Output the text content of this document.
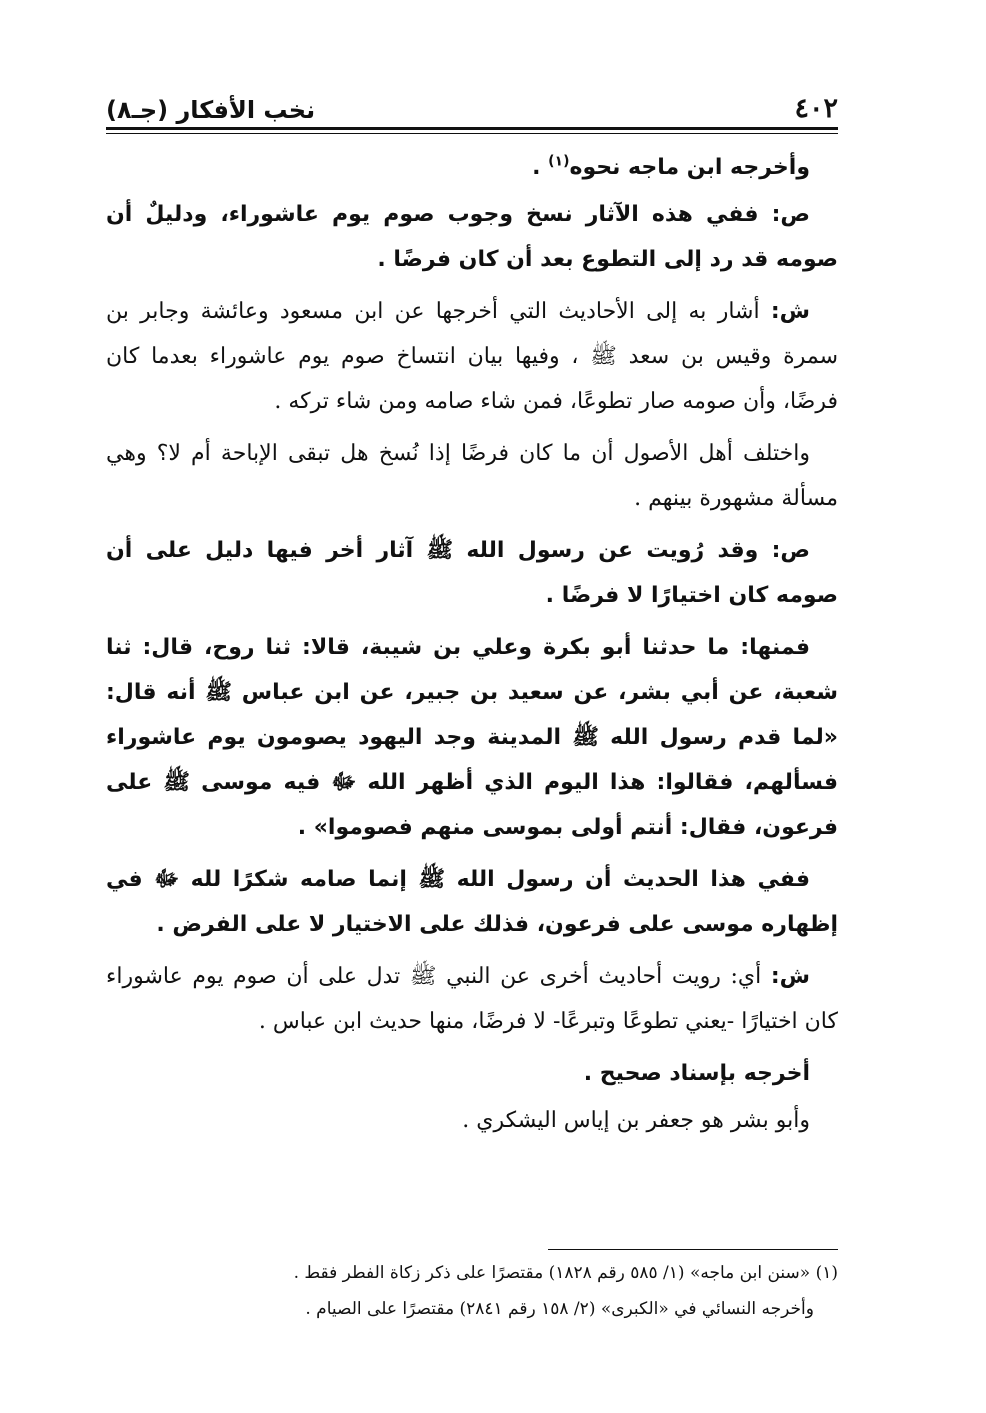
٤٠٢
نخب الأفكار (جـ٨)

وأخرجه ابن ماجه نحوه$^{(١)}$ .

ص: ففي هذه الآثار نسخ وجوب صوم يوم عاشوراء، ودليلٌ أن صومه قد رد إلى التطوع بعد أن كان فرضًا .

ش: أشار به إلى الأحاديث التي أخرجها عن ابن مسعود وعائشة وجابر بن سمرة وقيس بن سعد ﷺ ، وفيها بيان انتساخ صوم يوم عاشوراء بعدما كان فرضًا، وأن صومه صار تطوعًا، فمن شاء صامه ومن شاء تركه .

واختلف أهل الأصول أن ما كان فرضًا إذا نُسخ هل تبقى الإباحة أم لا؟ وهي مسألة مشهورة بينهم .

ص: وقد رُويت عن رسول الله ﷺ آثار أخر فيها دليل على أن صومه كان اختيارًا لا فرضًا .

فمنها: ما حدثنا أبو بكرة وعلي بن شيبة، قالا: ثنا روح، قال: ثنا شعبة، عن أبي بشر، عن سعيد بن جبير، عن ابن عباس ﷺ أنه قال: «لما قدم رسول الله ﷺ المدينة وجد اليهود يصومون يوم عاشوراء فسألهم، فقالوا: هذا اليوم الذي أظهر الله ﷻ فيه موسى ﷺ على فرعون، فقال: أنتم أولى بموسى منهم فصوموا» .

ففي هذا الحديث أن رسول الله ﷺ إنما صامه شكرًا لله ﷻ في إظهاره موسى على فرعون، فذلك على الاختيار لا على الفرض .

ش: أي: رويت أحاديث أخرى عن النبي ﷺ تدل على أن صوم يوم عاشوراء كان اختيارًا -يعني تطوعًا وتبرعًا- لا فرضًا، منها حديث ابن عباس .

أخرجه بإسناد صحيح .

وأبو بشر هو جعفر بن إياس اليشكري .

(١) «سنن ابن ماجه» (١/ ٥٨٥ رقم ١٨٢٨) مقتصرًا على ذكر زكاة الفطر فقط .

وأخرجه النسائي في «الكبرى» (٢/ ١٥٨ رقم ٢٨٤١) مقتصرًا على الصيام .
